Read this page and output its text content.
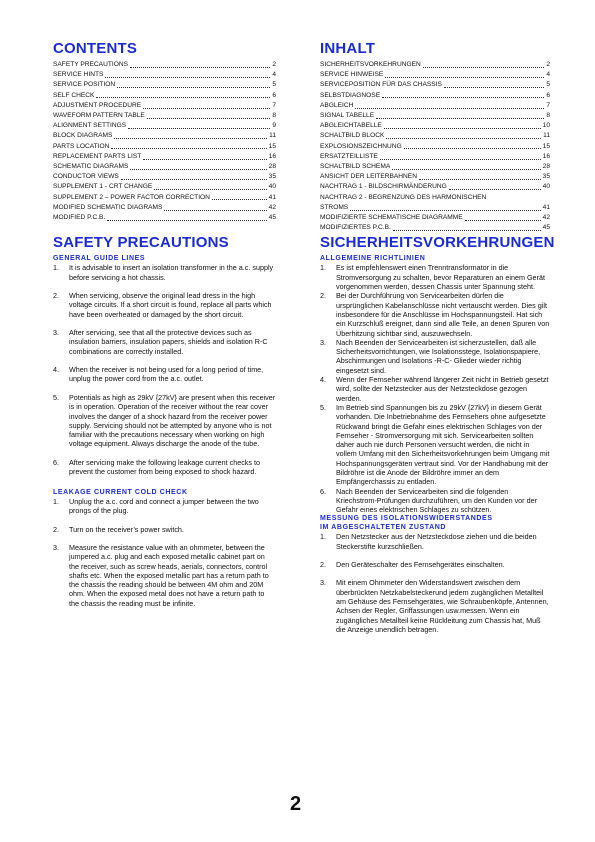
CONTENTS
SAFETY PRECAUTIONS	2
SERVICE HINTS	4
SERVICE POSITION	5
SELF CHECK	6
ADJUSTMENT PROCEDURE	7
WAVEFORM PATTERN TABLE	8
ALIGNMENT SETTINGS	9
BLOCK DIAGRAMS	11
PARTS LOCATION	15
REPLACEMENT PARTS LIST	16
SCHEMATIC DIAGRAMS	28
CONDUCTOR VIEWS	35
SUPPLEMENT 1 - CRT CHANGE	40
SUPPLEMENT 2 – POWER FACTOR CORRECTION	41
MODIFIED SCHEMATIC DIAGRAMS	42
MODIFIED P.C.B.	45
SAFETY PRECAUTIONS
GENERAL GUIDE LINES
1.	It is advisable to insert an isolation transformer in the a.c. supply before servicing a hot chassis.
2.	When servicing, observe the original lead dress in the high voltage circuits. If a short circuit is found, replace all parts which have been overheated or damaged by the short circuit.
3.	After servicing, see that all the protective devices such as insulation barriers, insulation papers, shields and isolation R-C combinations are correctly installed.
4.	When the receiver is not being used for a long period of time, unplug the power cord from the a.c. outlet.
5.	Potentials as high as 29kV {27kV} are present when this receiver is in operation. Operation of the receiver without the rear cover involves the danger of a shock hazard from the receiver power supply. Servicing should not be attempted by anyone who is not familiar with the precautions necessary when working on high voltage equipment. Always discharge the anode of the tube.
6.	After servicing make the following leakage current checks to prevent the customer from being exposed to shock hazard.
LEAKAGE CURRENT COLD CHECK
1.	Unplug the a.c. cord and connect a jumper between the two prongs of the plug.
2.	Turn on the receiver’s power switch.
3.	Measure the resistance value with an ohmmeter, between the jumpered a.c. plug and each exposed metallic cabinet part on the receiver, such as screw heads, aerials, connectors, control shafts etc. When the exposed metallic part has a return path to the chassis the reading should be between 4M ohm and 20M ohm. When the exposed metal does not have a return path to the chassis the reading must be infinite.
INHALT
SICHERHEITSVORKEHRUNGEN	2
SERVICE HINWEISE	4
SERVICEPOSITION FÜR DAS CHASSIS	5
SELBSTDIAGNOSE	6
ABGLEICH	7
SIGNAL TABELLE	8
ABGLEICHTABELLE	10
SCHALTBILD BLOCK	11
EXPLOSIONSZEICHNUNG	15
ERSATZTEILLISTE	16
SCHALTBILD SCHEMA	28
ANSICHT DER LEITERBAHNEN	35
NACHTRAG 1 - BILDSCHIRMÄNDERUNG	40
NACHTRAG 2 - BEGRENZUNG DES HARMONISCHEN
STROMS	41
MODIFIZIERTE SCHEMATISCHE DIAGRAMME	42
MODIFIZIERTES P.C.B.	45
SICHERHEITSVORKEHRUNGEN
ALLGEMEINE RICHTLINIEN
1.	Es ist empfehlenswert einen Trenntransformator in die Stromversorgung zu schalten, bevor Reparaturen an einem Gerät vorgenommen werden, dessen Chassis unter Spannung steht.
2.	Bei der Durchführung von Servicearbeiten dürfen die ursprünglichen Kabelanschlüsse nicht vertauscht werden. Dies gilt insbesondere für die Anschlüsse im Hochspannungsteil. Hat sich ein Kurzschluß ereignet, dann sind alle Teile, an denen Spuren von Überhitzung sichtbar sind, auszuwechseln.
3.	Nach Beenden der Servicearbeiten ist sicherzustellen, daß alle Sicherheitsvorrichtungen, wie Isolationsstege, Isolationspapiere, Abschirmungen und Isolations -R-C- Glieder wieder richtig eingesetzt sind.
4.	Wenn der Fernseher während längerer Zeit nicht in Betrieb gesetzt wird, sollte der Netzstecker aus der Netzsteckdose gezogen werden.
5.	Im Betrieb sind Spannungen bis zu 29kV {27kV} in diesem Gerät vorhanden. Die Inbetriebnahme des Fernsehers ohne aufgesetzte Rückwand bringt die Gefahr eines elektrischen Schlages von der Fernseher - Stromversorgung mit sich. Servicearbeiten sollten daher auch nie durch Personen versucht werden, die nicht in vollem Umfang mit den Sicherheitsvorkehrungen beim Umgang mit Hochspannungsgeräten vertraut sind. Vor der Handhabung mit der Bildröhre ist die Anode der Bildröhre immer an dem Empfängerchassis zu entladen.
6.	Nach Beenden der Servicearbeiten sind die folgenden Kriechstrom-Prüfungen durchzuführen, um den Kunden vor der Gefahr eines elektrischen Schlages zu schützen.
MESSUNG DES ISOLATIONSWIDERSTANDES
IM ABGESCHALTETEN ZUSTAND
1.	Den Netzstecker aus der Netzsteckdose ziehen und die beiden Steckerstifte kurzschließen.
2.	Den Geräteschalter des Fernsehgerätes einschalten.
3.	Mit einem Ohmmeter den Widerstandswert zwischen dem überbrückten Netzkabelsteckerund jedem zugänglichen Metallteil am Gehäuse des Fernsehgerätes, wie Schraubenköpfe, Antennen, Achsen der Regler, Griffassungen usw.messen. Wenn ein zugängliches Metallteil keine Rückleitung zum Chassis hat, Muß die Anzeige unendlich betragen.
2
